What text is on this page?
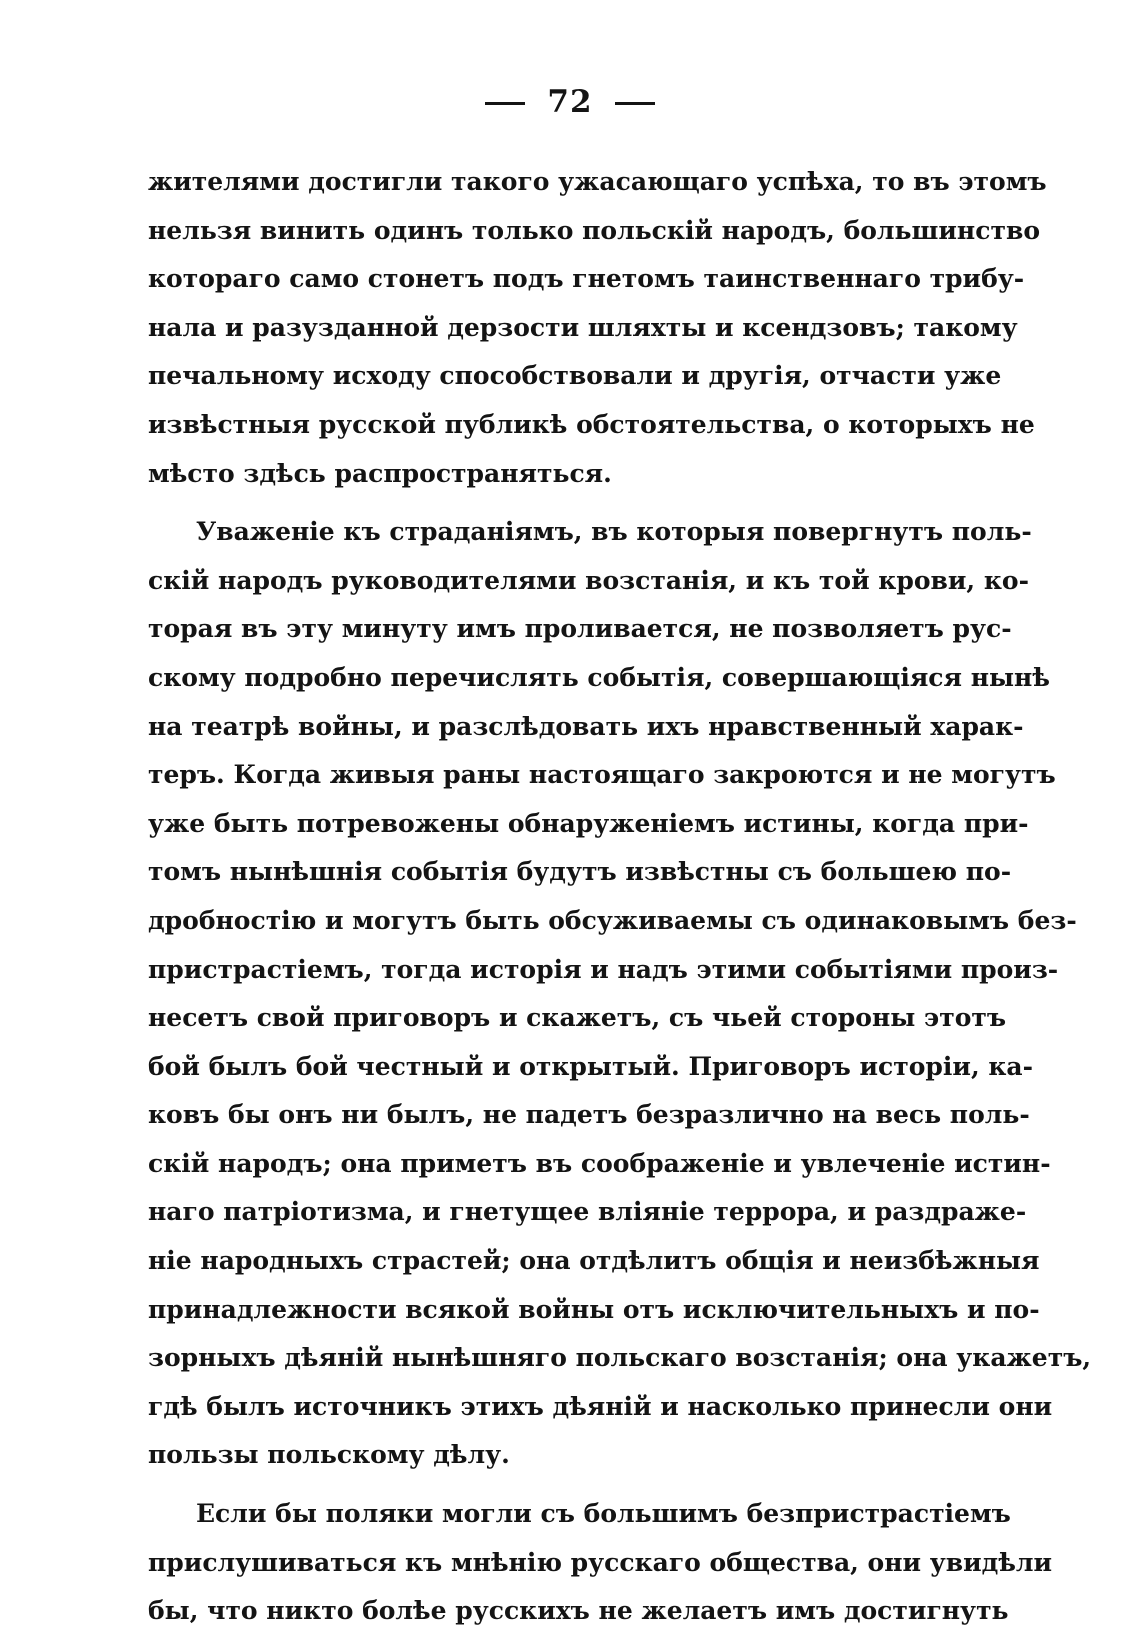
72
жителями достигли такого ужасающаго успѣха, то въ этомъ
нельзя винить одинъ только польскій народъ, большинство
котораго само стонетъ подъ гнетомъ таинственнаго трибу-
нала и разузданной дерзости шляхты и ксендзовъ; такому
печальному исходу способствовали и другія, отчасти уже
извѣстныя русской публикѣ обстоятельства, о которыхъ не
мѣсто здѣсь распространяться.
Уваженіе къ страданіямъ, въ которыя повергнутъ поль-
скій народъ руководителями возстанія, и къ той крови, ко-
торая въ эту минуту имъ проливается, не позволяетъ рус-
скому подробно перечислять событія, совершающіяся нынѣ
на театрѣ войны, и разслѣдовать ихъ нравственный харак-
теръ. Когда живыя раны настоящаго закроются и не могутъ
уже быть потревожены обнаруженіемъ истины, когда при-
томъ нынѣшнія событія будутъ извѣстны съ большею по-
дробностію и могутъ быть обсуживаемы съ одинаковымъ без-
пристрастіемъ, тогда исторія и надъ этими событіями произ-
несетъ свой приговоръ и скажетъ, съ чьей стороны этотъ
бой былъ бой честный и открытый. Приговоръ исторіи, ка-
ковъ бы онъ ни былъ, не падетъ безразлично на весь поль-
скій народъ; она приметъ въ соображеніе и увлеченіе истин-
наго патріотизма, и гнетущее вліяніе террора, и раздраже-
ніе народныхъ страстей; она отдѣлитъ общія и неизбѣжныя
принадлежности всякой войны отъ исключительныхъ и по-
зорныхъ дѣяній нынѣшняго польскаго возстанія; она укажетъ,
гдѣ былъ источникъ этихъ дѣяній и насколько принесли они
пользы польскому дѣлу.
Если бы поляки могли съ большимъ безпристрастіемъ
прислушиваться къ мнѣнію русскаго общества, они увидѣли
бы, что никто болѣе русскихъ не желаетъ имъ достигнуть
